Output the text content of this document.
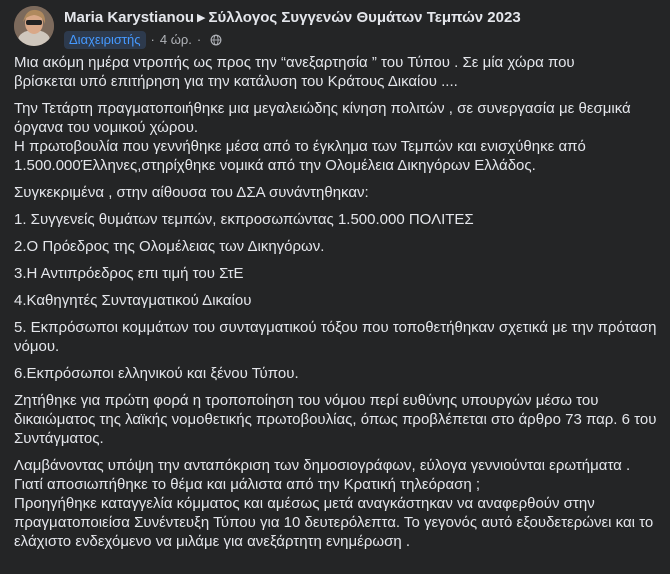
Maria Karystianou ▶ Σύλλογος Συγγενών Θυμάτων Τεμπών 2023
Διαχειριστής · 4 ώρ. ·

Μια ακόμη ημέρα ντροπής ως προς την “ανεξαρτησία ” του Τύπου . Σε μία χώρα που
βρίσκεται υπό επιτήρηση για την κατάλυση του Κράτους Δικαίου ....

Την Τετάρτη πραγματοποιήθηκε μια μεγαλειώδης κίνηση πολιτών , σε συνεργασία με θεσμικά όργανα του νομικού χώρου.
Η πρωτοβουλία που γεννήθηκε μέσα από το έγκλημα των Τεμπών και ενισχύθηκε από 1.500.000Έλληνες,στηρίχθηκε νομικά από την Ολομέλεια Δικηγόρων Ελλάδος.

Συγκεκριμένα , στην αίθουσα του ΔΣΑ συνάντηθηκαν:

1. Συγγενείς θυμάτων τεμπών, εκπροσωπώντας 1.500.000 ΠΟΛΙΤΕΣ

2.Ο Πρόεδρος της Ολομέλειας των Δικηγόρων.

3.Η Αντιπρόεδρος επι τιμή του ΣτΕ

4.Καθηγητές Συνταγματικού Δικαίου

5. Εκπρόσωποι κομμάτων του συνταγματικού τόξου που τοποθετήθηκαν σχετικά με την πρόταση νόμου.

6.Εκπρόσωποι ελληνικού και ξένου Τύπου.

Ζητήθηκε για πρώτη φορά η τροποποίηση του νόμου περί ευθύνης υπουργών μέσω του δικαιώματος της λαϊκής νομοθετικής πρωτοβουλίας, όπως προβλέπεται στο άρθρο 73 παρ. 6 του Συντάγματος.

Λαμβάνοντας υπόψη την ανταπόκριση των δημοσιογράφων, εύλογα γεννιούνται ερωτήματα .
Γιατί αποσιωπήθηκε το θέμα και μάλιστα από την Κρατική τηλεόραση ;
Προηγήθηκε καταγγελία κόμματος και αμέσως μετά αναγκάστηκαν να αναφερθούν στην πραγματοποιείσα Συνέντευξη Τύπου για 10 δευτερόλεπτα. Το γεγονός αυτό εξουδετερώνει και το ελάχιστο ενδεχόμενο να μιλάμε για ανεξάρτητη ενημέρωση .
